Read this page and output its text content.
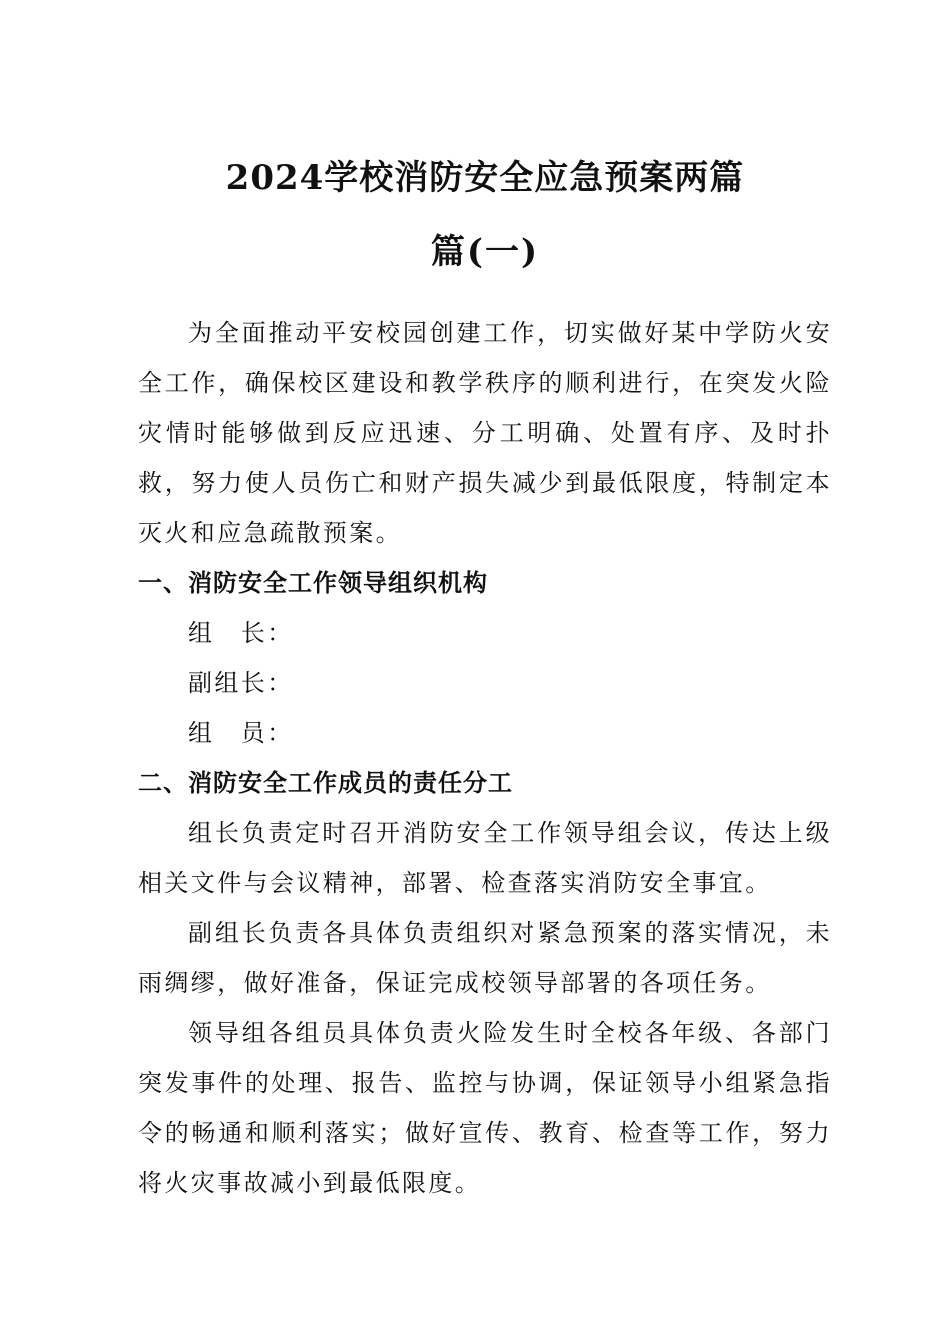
2024学校消防安全应急预案两篇
篇(一)

为全面推动平安校园创建工作，切实做好某中学防火安全工作，确保校区建设和教学秩序的顺利进行，在突发火险灾情时能够做到反应迅速、分工明确、处置有序、及时扑救，努力使人员伤亡和财产损失减少到最低限度，特制定本灭火和应急疏散预案。

一、消防安全工作领导组织机构

组　长：

副组长：

组　员：

二、消防安全工作成员的责任分工

组长负责定时召开消防安全工作领导组会议，传达上级相关文件与会议精神，部署、检查落实消防安全事宜。

副组长负责各具体负责组织对紧急预案的落实情况，未雨绸缪，做好准备，保证完成校领导部署的各项任务。

领导组各组员具体负责火险发生时全校各年级、各部门突发事件的处理、报告、监控与协调，保证领导小组紧急指令的畅通和顺利落实；做好宣传、教育、检查等工作，努力将火灾事故减小到最低限度。
